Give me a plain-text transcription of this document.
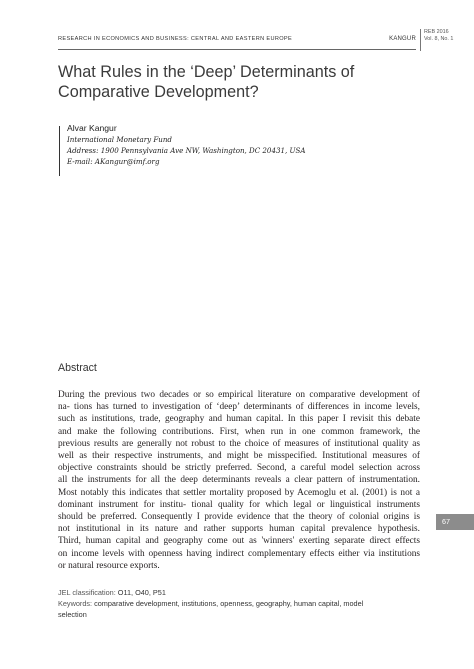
RESEARCH IN ECONOMICS AND BUSINESS: CENTRAL AND EASTERN EUROPE	KANGUR
REB 2016
Vol. 8, No. 1
What Rules in the ‘Deep’ Determinants of
Comparative Development?
Alvar Kangur
International Monetary Fund
Address: 1900 Pennsylvania Ave NW, Washington, DC 20431, USA
E-mail: AKangur@imf.org
Abstract
During the previous two decades or so empirical literature on comparative development of
na- tions has turned to investigation of ‘deep’ determinants of differences in income levels,
such as institutions, trade, geography and human capital. In this paper I revisit this debate
and make the following contributions. First, when run in one common framework, the
previous results are generally not robust to the choice of measures of institutional quality as
well as their respective instruments, and might be misspecified. Institutional measures of
objective constraints should be strictly preferred. Second, a careful model selection across
all the instruments for all the deep determinants reveals a clear pattern of instrumentation.
Most notably this indicates that settler mortality proposed by Acemoglu et al. (2001) is not a
dominant instrument for institu- tional quality for which legal or linguistical instruments
should be preferred. Consequently I provide evidence that the theory of colonial origins is
not institutional in its nature and rather supports human capital prevalence hypothesis.
Third, human capital and geography come out as 'winners' exerting separate direct effects
on income levels with openness having indirect complementary effects either via institutions
or natural resource exports.
67
JEL classification: O11, O40, P51
Keywords: comparative development, institutions, openness, geography, human capital, model
selection
